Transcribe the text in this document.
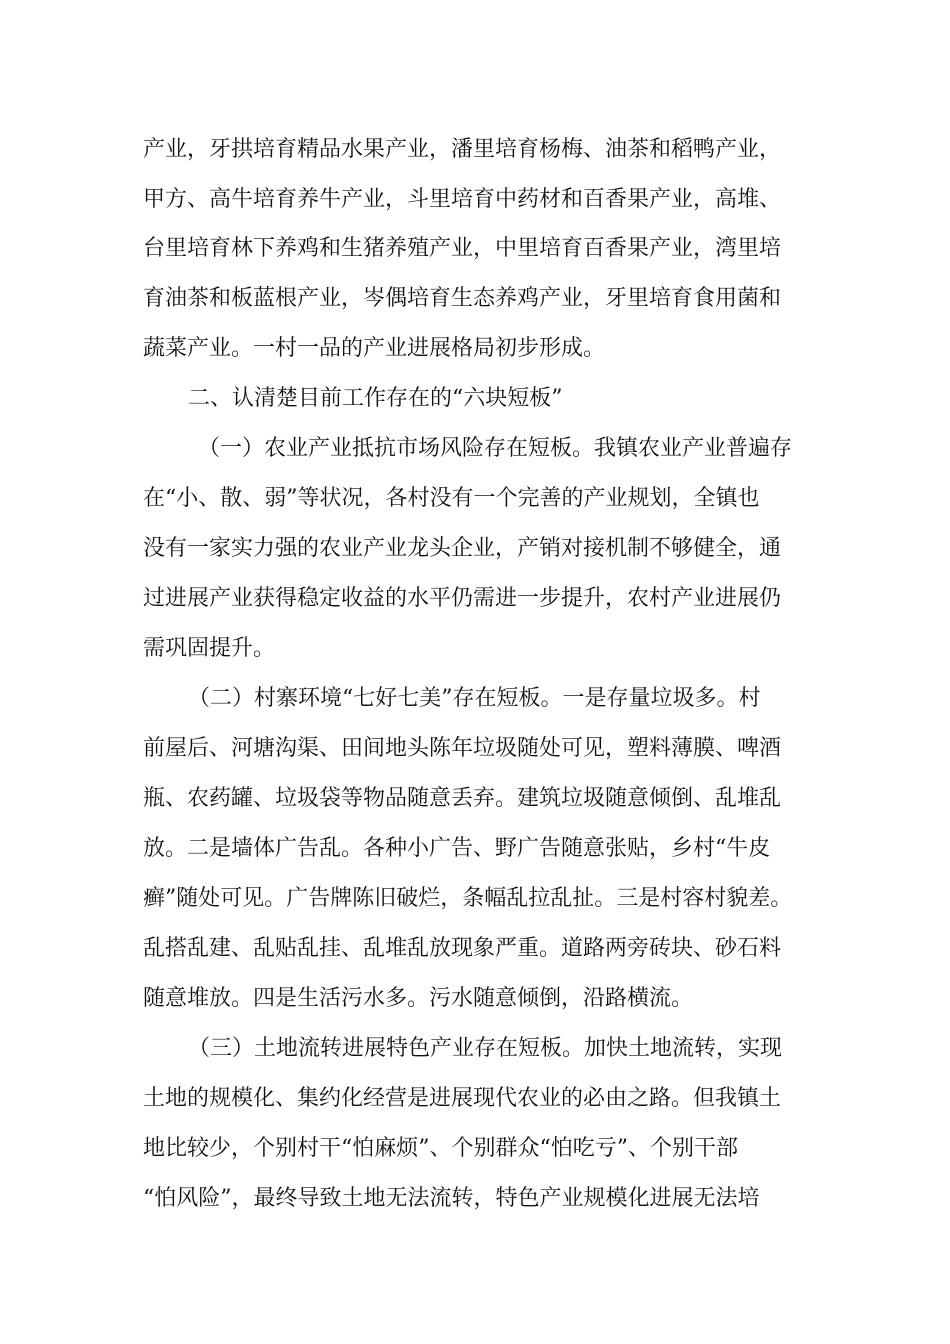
产业，牙拱培育精品水果产业，潘里培育杨梅、油茶和稻鸭产业，
甲方、高牛培育养牛产业，斗里培育中药材和百香果产业，高堆、
台里培育林下养鸡和生猪养殖产业，中里培育百香果产业，湾里培
育油茶和板蓝根产业，岑偶培育生态养鸡产业，牙里培育食用菌和
蔬菜产业。一村一品的产业进展格局初步形成。
二、认清楚目前工作存在的“六块短板”
（一）农业产业抵抗市场风险存在短板。我镇农业产业普遍存
在“小、散、弱”等状况，各村没有一个完善的产业规划，全镇也
没有一家实力强的农业产业龙头企业，产销对接机制不够健全，通
过进展产业获得稳定收益的水平仍需进一步提升，农村产业进展仍
需巩固提升。
（二）村寨环境“七好七美”存在短板。一是存量垃圾多。村
前屋后、河塘沟渠、田间地头陈年垃圾随处可见，塑料薄膜、啤酒
瓶、农药罐、垃圾袋等物品随意丢弃。建筑垃圾随意倾倒、乱堆乱
放。二是墙体广告乱。各种小广告、野广告随意张贴，乡村“牛皮
癣”随处可见。广告牌陈旧破烂，条幅乱拉乱扯。三是村容村貌差。
乱搭乱建、乱贴乱挂、乱堆乱放现象严重。道路两旁砖块、砂石料
随意堆放。四是生活污水多。污水随意倾倒，沿路横流。
（三）土地流转进展特色产业存在短板。加快土地流转，实现
土地的规模化、集约化经营是进展现代农业的必由之路。但我镇土
地比较少，个别村干“怕麻烦”、个别群众“怕吃亏”、个别干部
“怕风险”，最终导致土地无法流转，特色产业规模化进展无法培
